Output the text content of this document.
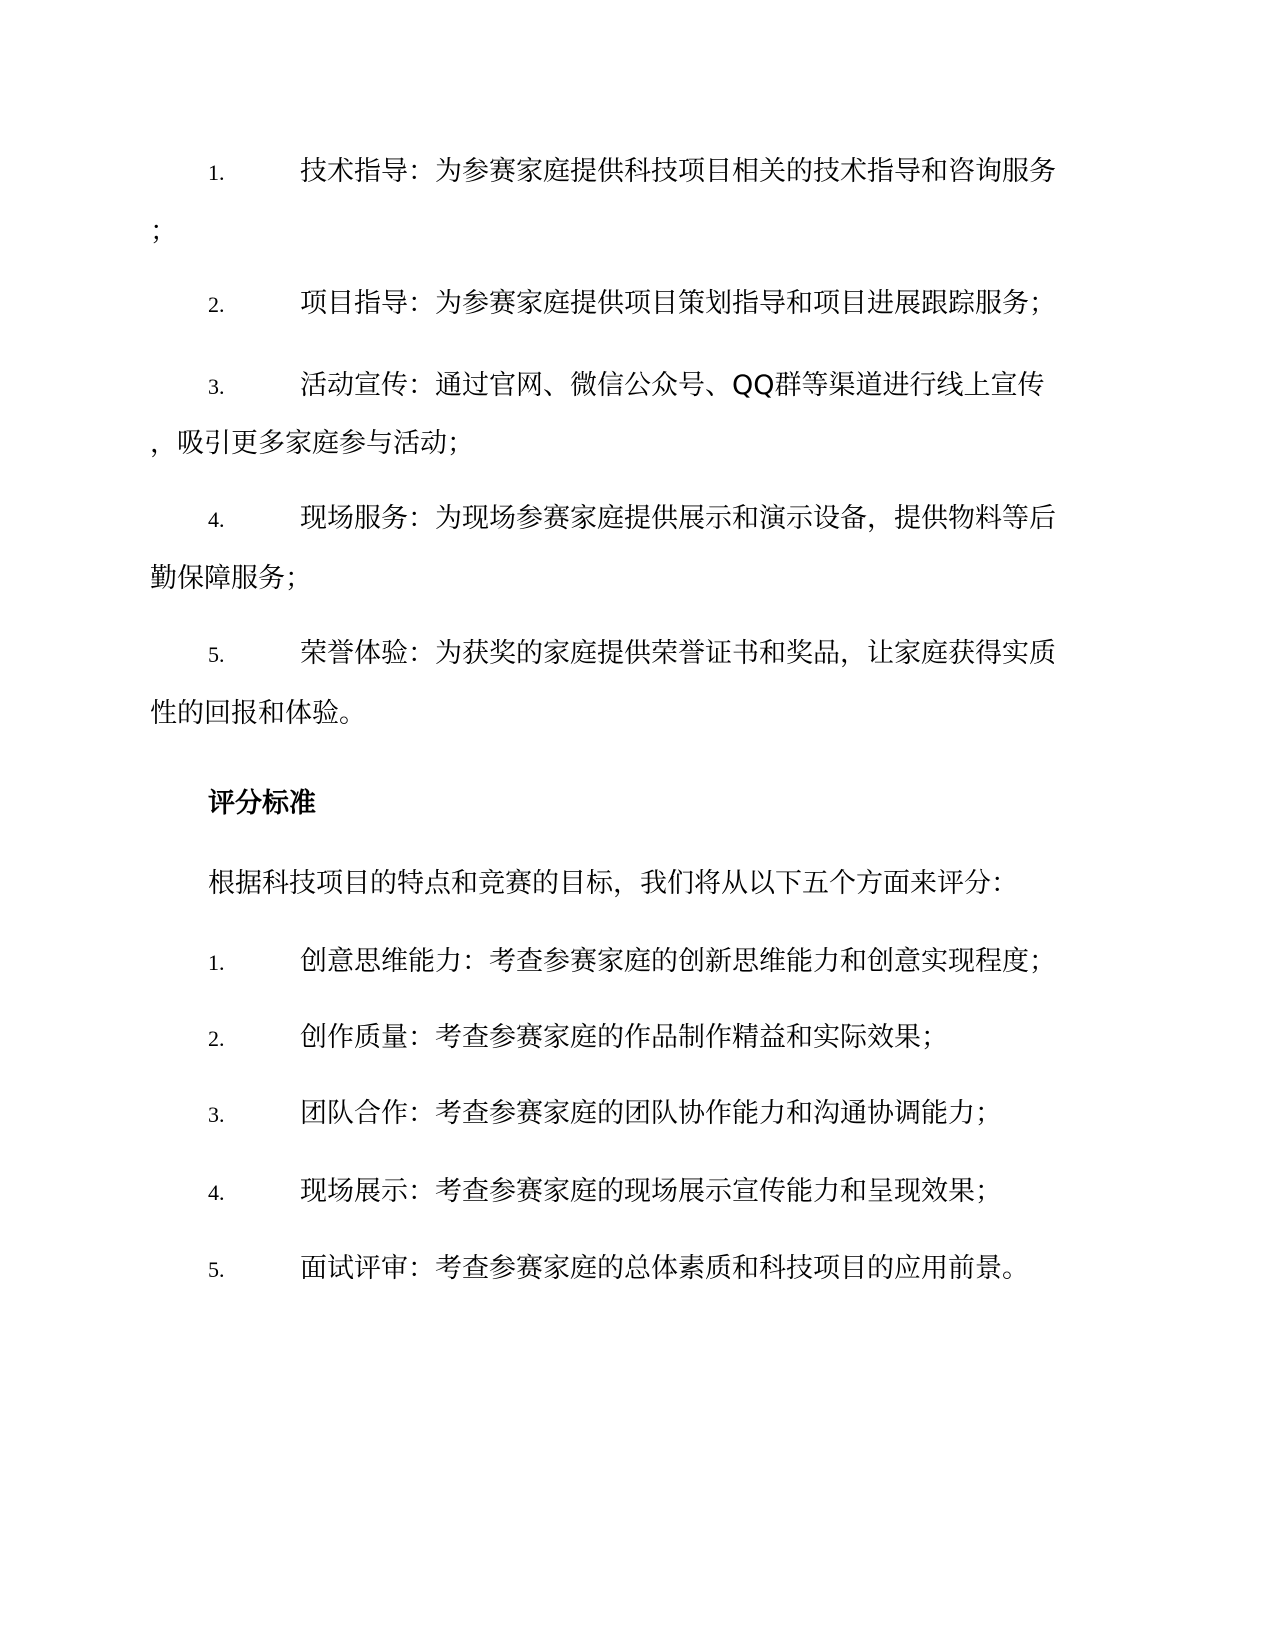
1.	技术指导：为参赛家庭提供科技项目相关的技术指导和咨询服务
；
2.	项目指导：为参赛家庭提供项目策划指导和项目进展跟踪服务；
3.	活动宣传：通过官网、微信公众号、QQ群等渠道进行线上宣传
，吸引更多家庭参与活动；
4.	现场服务：为现场参赛家庭提供展示和演示设备，提供物料等后
勤保障服务；
5.	荣誉体验：为获奖的家庭提供荣誉证书和奖品，让家庭获得实质
性的回报和体验。
评分标准
根据科技项目的特点和竞赛的目标，我们将从以下五个方面来评分：
1.	创意思维能力：考查参赛家庭的创新思维能力和创意实现程度；
2.	创作质量：考查参赛家庭的作品制作精益和实际效果；
3.	团队合作：考查参赛家庭的团队协作能力和沟通协调能力；
4.	现场展示：考查参赛家庭的现场展示宣传能力和呈现效果；
5.	面试评审：考查参赛家庭的总体素质和科技项目的应用前景。
